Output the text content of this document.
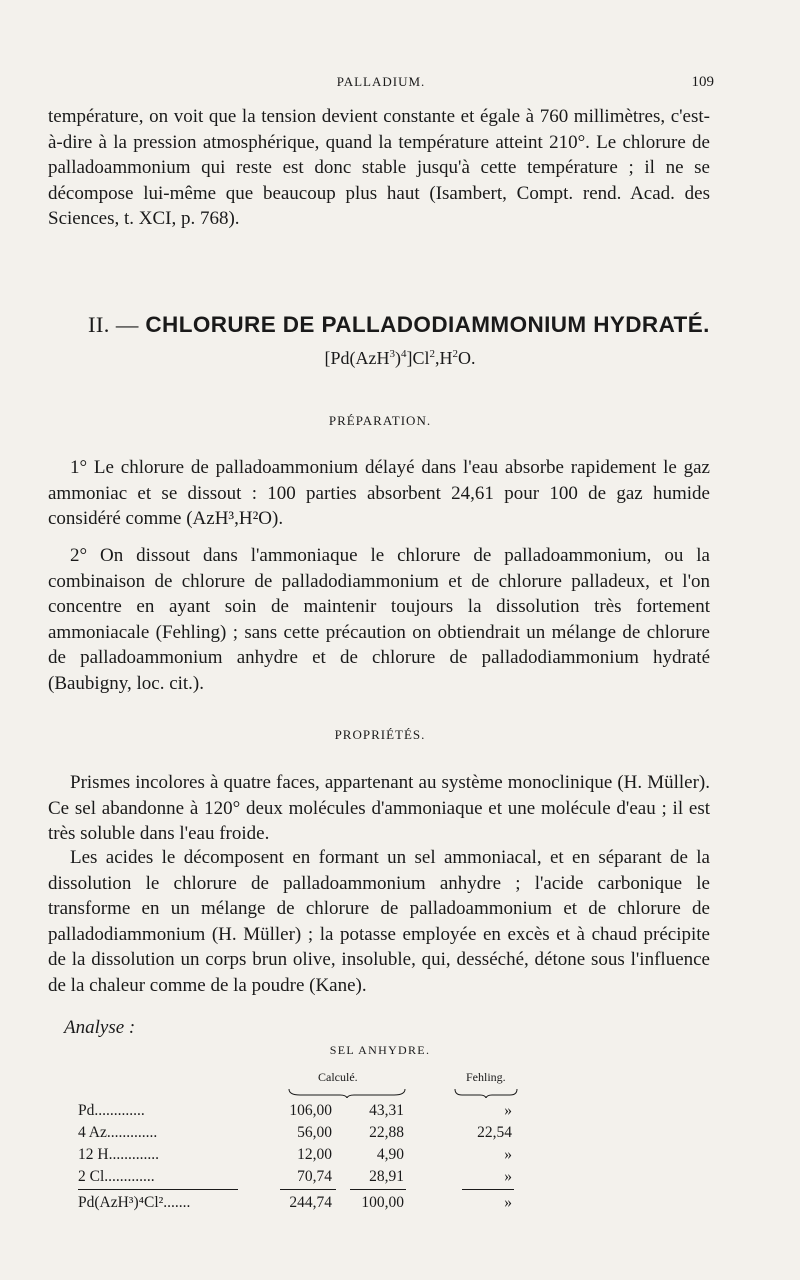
PALLADIUM.	109

température, on voit que la tension devient constante et égale à 760 millimètres, c'est-à-dire à la pression atmosphérique, quand la température atteint 210°. Le chlorure de palladoammonium qui reste est donc stable jusqu'à cette température ; il ne se décompose lui-même que beaucoup plus haut (Isambert, Compt. rend. Acad. des Sciences, t. XCI, p. 768).

II. — CHLORURE DE PALLADODIAMMONIUM HYDRATÉ.
$[Pd(AzH^3)^4]Cl^2,H^2O$.
PRÉPARATION.

1° Le chlorure de palladoammonium délayé dans l'eau absorbe rapidement le gaz ammoniac et se dissout : 100 parties absorbent 24,61 pour 100 de gaz humide considéré comme (AzH³,H²O).

2° On dissout dans l'ammoniaque le chlorure de palladoammonium, ou la combinaison de chlorure de palladodiammonium et de chlorure palladeux, et l'on concentre en ayant soin de maintenir toujours la dissolution très fortement ammoniacale (Fehling) ; sans cette précaution on obtiendrait un mélange de chlorure de palladoammonium anhydre et de chlorure de palladodiammonium hydraté (Baubigny, loc. cit.).

PROPRIÉTÉS.

Prismes incolores à quatre faces, appartenant au système monoclinique (H. Müller). Ce sel abandonne à 120° deux molécules d'ammoniaque et une molécule d'eau ; il est très soluble dans l'eau froide.

Les acides le décomposent en formant un sel ammoniacal, et en séparant de la dissolution le chlorure de palladoammonium anhydre ; l'acide carbonique le transforme en un mélange de chlorure de palladoammonium et de chlorure de palladodiammonium (H. Müller) ; la potasse employée en excès et à chaud précipite de la dissolution un corps brun olive, insoluble, qui, desséché, détone sous l'influence de la chaleur comme de la poudre (Kane).

Analyse :
SEL ANHYDRE.
Calculé.	Fehling.
Pd.............	106,00	43,31	»
4 Az.............	56,00	22,88	22,54
12 H.............	12,00	4,90	»
2 Cl.............	70,74	28,91	»
Pd(AzH³)⁴Cl².......	244,74	100,00	»
